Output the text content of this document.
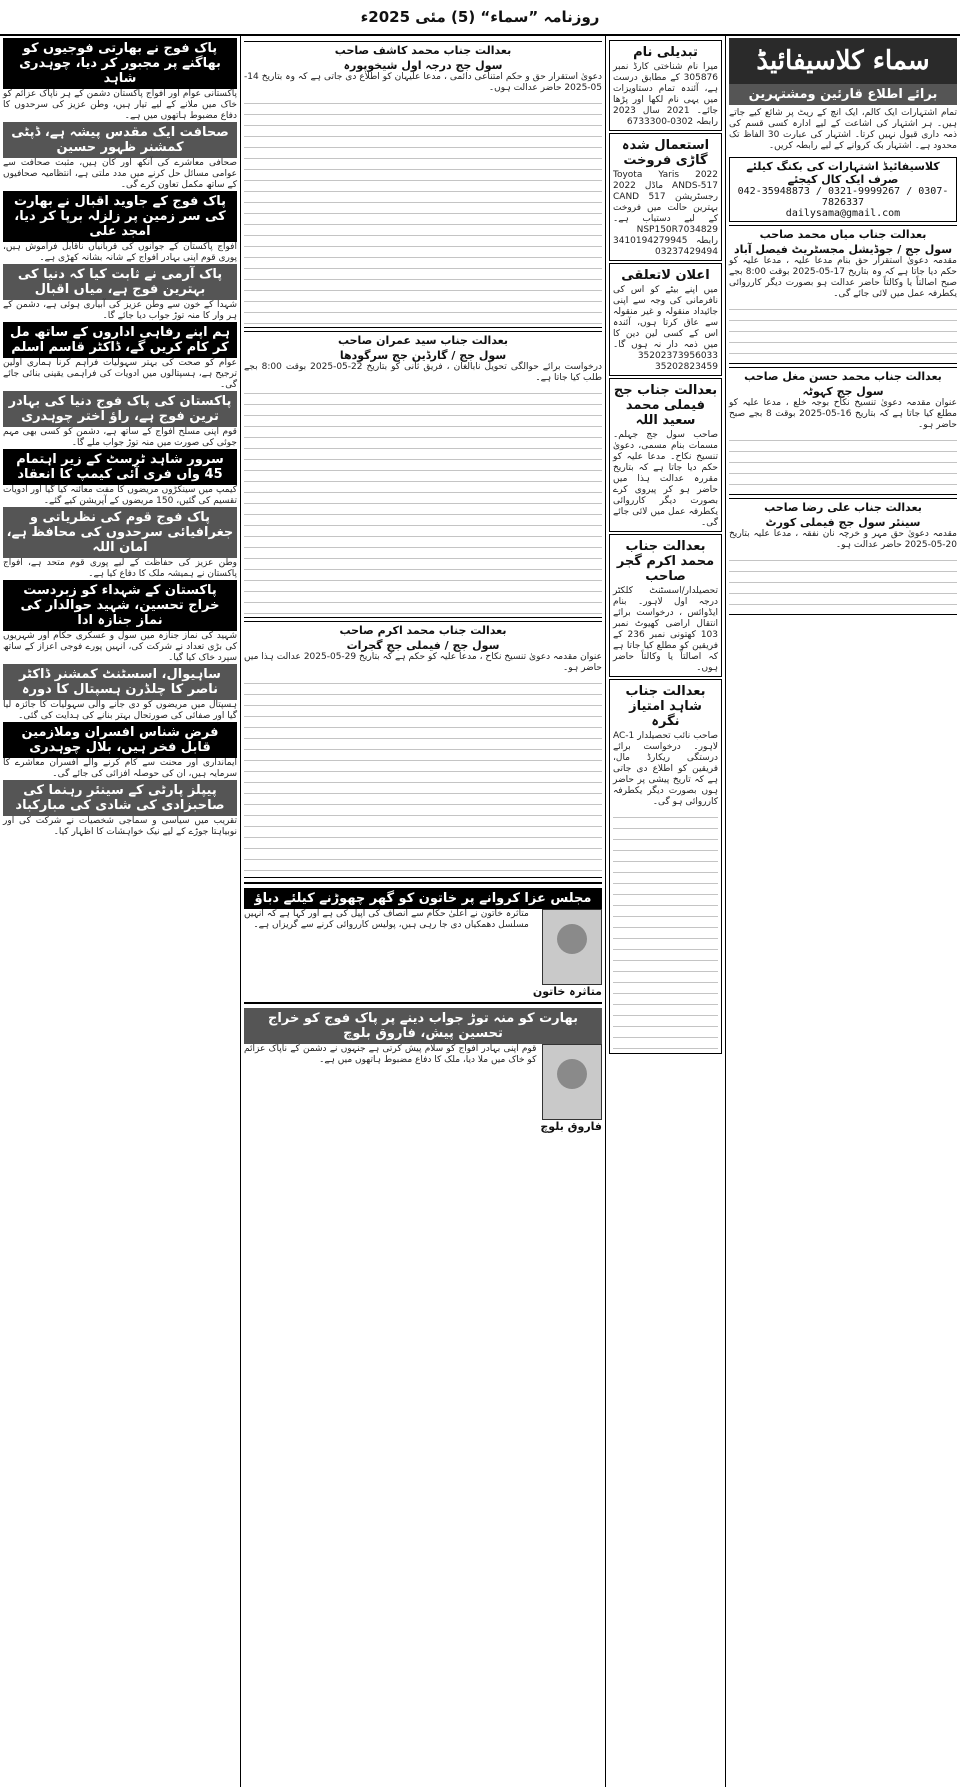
روزنامہ ”سماء“ (5) مئی 2025ء
سماء کلاسیفائیڈ
برائے اطلاع قارئین ومشتہرین
تمام اشتہارات ایک کالم، ایک انچ کے ریٹ پر شائع کیے جاتے ہیں۔ ہر اشتہار کی اشاعت کے لیے ادارہ کسی قسم کی ذمہ داری قبول نہیں کرتا۔ اشتہار کی عبارت 30 الفاظ تک محدود ہے۔ اشتہار بک کروانے کے لیے رابطہ کریں۔
کلاسیفائیڈ اشتہارات کی بکنگ کیلئے صرف ایک کال کیجئے
042-35948873 / 0321-9999267 / 0307-7826337
dailysama@gmail.com
بعدالت جناب میاں محمد صاحب
سول جج / جوڈیشل مجسٹریٹ فیصل آباد
مقدمہ دعویٰ استقرار حق بنام مدعا علیہ ، مدعا علیہ کو حکم دیا جاتا ہے کہ وہ بتاریخ 17-05-2025 بوقت 8:00 بجے صبح اصالتاً یا وکالتاً حاضر عدالت ہو بصورت دیگر کارروائی یکطرفہ عمل میں لائی جائے گی۔
بعدالت جناب محمد حسن مغل صاحب
سول جج کہوٹہ
عنوان مقدمہ دعویٰ تنسیخ نکاح بوجہ خلع ، مدعا علیہ کو مطلع کیا جاتا ہے کہ بتاریخ 16-05-2025 بوقت 8 بجے صبح حاضر ہو۔
بعدالت جناب علی رضا صاحب
سینئر سول جج فیملی کورٹ
مقدمہ دعویٰ حق مہر و خرچہ نان نفقہ ، مدعا علیہ بتاریخ 20-05-2025 حاضر عدالت ہو۔
تبدیلی نام
میرا نام شناختی کارڈ نمبر 305876 کے مطابق درست ہے، آئندہ تمام دستاویزات میں یہی نام لکھا اور پڑھا جائے۔ 2021 سال 2023 رابطہ 0302-6733300
استعمال شدہ گاڑی فروخت
Toyota Yaris 2022 ANDS-517 ماڈل 2022 رجسٹریشن CAND 517 بہترین حالت میں فروخت کے لیے دستیاب ہے۔ NSP150R7034829 رابطہ 3410194279945 03237429494
اعلان لاتعلقی
میں اپنے بیٹے کو اس کی نافرمانی کی وجہ سے اپنی جائیداد منقولہ و غیر منقولہ سے عاق کرتا ہوں، آئندہ اس کے کسی لین دین کا میں ذمہ دار نہ ہوں گا۔ 35202373956033 35202823459
بعدالت جناب جج فیملی محمد سعید اللہ
صاحب سول جج جہلم۔ مسمات بنام مسمی، دعویٰ تنسیخ نکاح۔ مدعا علیہ کو حکم دیا جاتا ہے کہ بتاریخ مقررہ عدالت ہذا میں حاضر ہو کر پیروی کرے بصورت دیگر کارروائی یکطرفہ عمل میں لائی جائے گی۔
بعدالت جناب محمد اکرم گجر صاحب
تحصیلدار/اسسٹنٹ کلکٹر درجہ اول لاہور۔ بنام ایڈوائس ، درخواست برائے انتقال اراضی کھیوٹ نمبر 103 کھتونی نمبر 236 کے فریقین کو مطلع کیا جاتا ہے کہ اصالتاً یا وکالتاً حاضر ہوں۔
بعدالت جناب شاہد امتیاز نگرہ
صاحب نائب تحصیلدار AC-1 لاہور۔ درخواست برائے درستگی ریکارڈ مال، فریقین کو اطلاع دی جاتی ہے کہ تاریخ پیشی پر حاضر ہوں بصورت دیگر یکطرفہ کارروائی ہو گی۔
بعدالت جناب محمد کاشف صاحب
سول جج درجہ اول شیخوپورہ
دعویٰ استقرار حق و حکم امتناعی دائمی ، مدعا علیہان کو اطلاع دی جاتی ہے کہ وہ بتاریخ 14-05-2025 حاضر عدالت ہوں۔
بعدالت جناب سید عمران صاحب
سول جج / گارڈین جج سرگودھا
درخواست برائے حوالگی تحویل نابالغان ، فریق ثانی کو بتاریخ 22-05-2025 بوقت 8:00 بجے طلب کیا جاتا ہے۔
بعدالت جناب محمد اکرم صاحب
سول جج / فیملی جج گجرات
عنوان مقدمہ دعویٰ تنسیخ نکاح ، مدعا علیہ کو حکم ہے کہ بتاریخ 29-05-2025 عدالت ہذا میں حاضر ہو۔
مجلس عزا کروانے پر خاتون کو گھر چھوڑنے کیلئے دباؤ
متاثرہ خاتون
متاثرہ خاتون نے اعلیٰ حکام سے انصاف کی اپیل کی ہے اور کہا ہے کہ انہیں مسلسل دھمکیاں دی جا رہی ہیں، پولیس کارروائی کرنے سے گریزاں ہے۔
بھارت کو منہ توڑ جواب دینے پر پاک فوج کو خراج تحسین پیش، فاروق بلوچ
فاروق بلوچ
قوم اپنی بہادر افواج کو سلام پیش کرتی ہے جنہوں نے دشمن کے ناپاک عزائم کو خاک میں ملا دیا، ملک کا دفاع مضبوط ہاتھوں میں ہے۔
پاک فوج نے بھارتی فوجیوں کو بھاگنے پر مجبور کر دیا، چوہدری شاہد
پاکستانی عوام اور افواج پاکستان دشمن کے ہر ناپاک عزائم کو خاک میں ملانے کے لیے تیار ہیں، وطن عزیز کی سرحدوں کا دفاع مضبوط ہاتھوں میں ہے۔
صحافت ایک مقدس پیشہ ہے، ڈپٹی کمشنر ظہور حسین
صحافی معاشرے کی آنکھ اور کان ہیں، مثبت صحافت سے عوامی مسائل حل کرنے میں مدد ملتی ہے، انتظامیہ صحافیوں کے ساتھ مکمل تعاون کرے گی۔
پاک فوج کے جاوید اقبال نے بھارت کی سر زمین پر زلزلہ برپا کر دیا، امجد علی
افواج پاکستان کے جوانوں کی قربانیاں ناقابل فراموش ہیں، پوری قوم اپنی بہادر افواج کے شانہ بشانہ کھڑی ہے۔
پاک آرمی نے ثابت کیا کہ دنیا کی بہترین فوج ہے، میاں اقبال
شہدا کے خون سے وطن عزیز کی آبیاری ہوئی ہے، دشمن کے ہر وار کا منہ توڑ جواب دیا جائے گا۔
ہم اپنے رفاہی اداروں کے ساتھ مل کر کام کریں گے، ڈاکٹر قاسم اسلم
عوام کو صحت کی بہتر سہولیات فراہم کرنا ہماری اولین ترجیح ہے، ہسپتالوں میں ادویات کی فراہمی یقینی بنائی جائے گی۔
پاکستان کی پاک فوج دنیا کی بہادر ترین فوج ہے، راؤ اختر چوہدری
قوم اپنی مسلح افواج کے ساتھ ہے، دشمن کو کسی بھی مہم جوئی کی صورت میں منہ توڑ جواب ملے گا۔
سرور شاہد ٹرسٹ کے زیر اہتمام 45 واں فری آئی کیمپ کا انعقاد
کیمپ میں سینکڑوں مریضوں کا مفت معائنہ کیا گیا اور ادویات تقسیم کی گئیں، 150 مریضوں کے آپریشن کیے گئے۔
پاک فوج قوم کی نظریاتی و جغرافیائی سرحدوں کی محافظ ہے، امان اللہ
وطن عزیز کی حفاظت کے لیے پوری قوم متحد ہے، افواج پاکستان نے ہمیشہ ملک کا دفاع کیا ہے۔
پاکستان کے شہداء کو زبردست خراج تحسین، شہید حوالدار کی نماز جنازہ ادا
شہید کی نماز جنازہ میں سول و عسکری حکام اور شہریوں کی بڑی تعداد نے شرکت کی، انہیں پورے فوجی اعزاز کے ساتھ سپرد خاک کیا گیا۔
ساہیوال، اسسٹنٹ کمشنر ڈاکٹر ناصر کا چلڈرن ہسپتال کا دورہ
ہسپتال میں مریضوں کو دی جانے والی سہولیات کا جائزہ لیا گیا اور صفائی کی صورتحال بہتر بنانے کی ہدایت کی گئی۔
فرض شناس افسران وملازمین قابل فخر ہیں، بلال چوہدری
ایمانداری اور محنت سے کام کرنے والے افسران معاشرے کا سرمایہ ہیں، ان کی حوصلہ افزائی کی جائے گی۔
پیپلز پارٹی کے سینئر رہنما کی صاحبزادی کی شادی کی مبارکباد
تقریب میں سیاسی و سماجی شخصیات نے شرکت کی اور نوبیاہتا جوڑے کے لیے نیک خواہشات کا اظہار کیا۔
